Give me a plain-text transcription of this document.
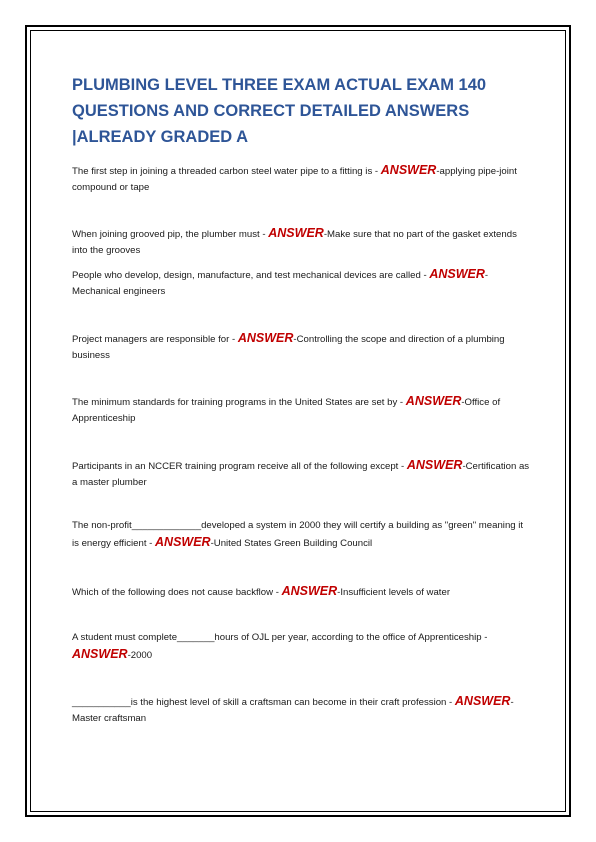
PLUMBING LEVEL THREE EXAM ACTUAL EXAM 140 QUESTIONS AND CORRECT DETAILED ANSWERS |ALREADY GRADED A

The first step in joining a threaded carbon steel water pipe to a fitting is - ANSWER-applying pipe-joint compound or tape

When joining grooved pip, the plumber must - ANSWER-Make sure that no part of the gasket extends into the grooves

People who develop, design, manufacture, and test mechanical devices are called - ANSWER-Mechanical engineers

Project managers are responsible for - ANSWER-Controlling the scope and direction of a plumbing business

The minimum standards for training programs in the United States are set by - ANSWER-Office of Apprenticeship

Participants in an NCCER training program receive all of the following except - ANSWER-Certification as a master plumber

The non-profit_____________developed a system in 2000 they will certify a building as "green" meaning it is energy efficient - ANSWER-United States Green Building Council

Which of the following does not cause backflow - ANSWER-Insufficient levels of water

A student must complete_______hours of OJL per year, according to the office of Apprenticeship - ANSWER-2000

___________is the highest level of skill a craftsman can become in their craft profession - ANSWER-Master craftsman
